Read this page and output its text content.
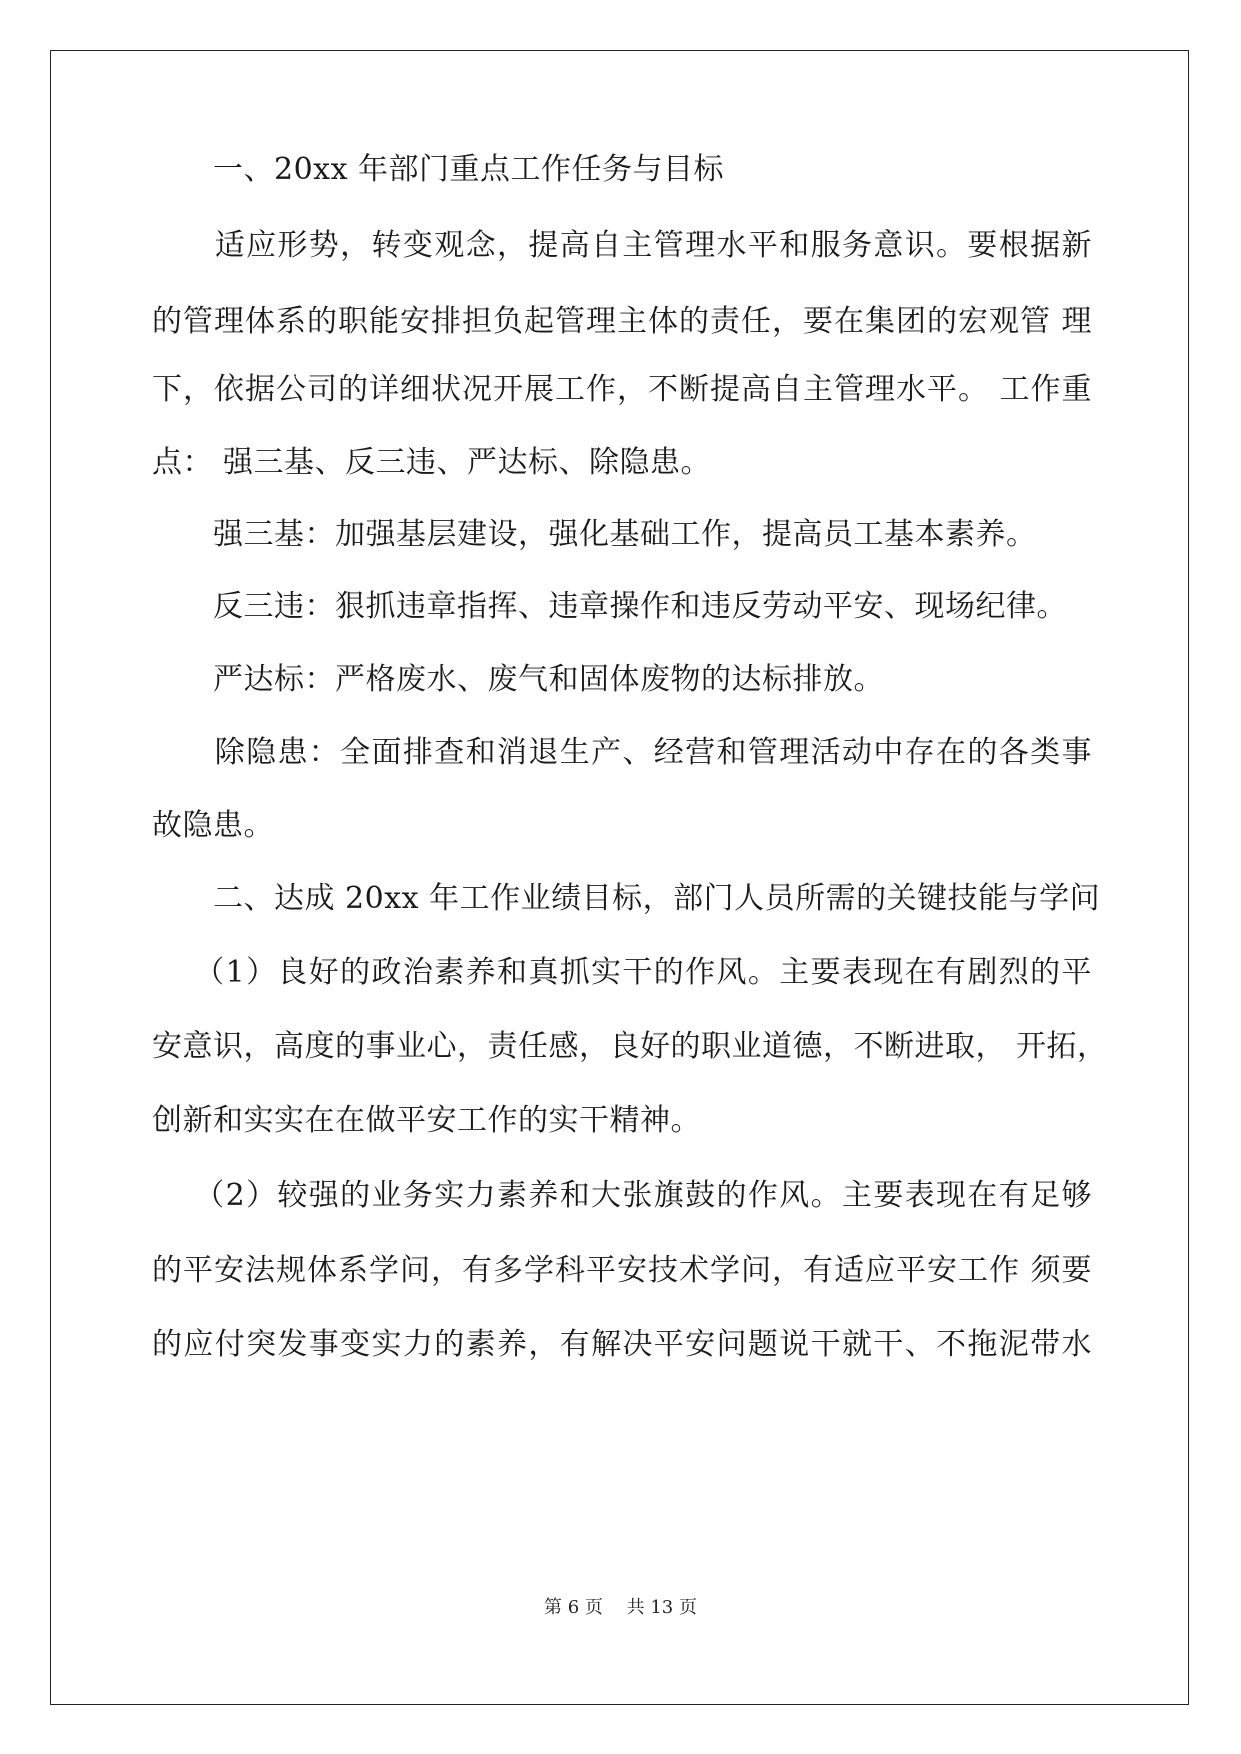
　　一、20xx 年部门重点工作任务与目标
　　适应形势，转变观念，提高自主管理水平和服务意识。要根据新
的管理体系的职能安排担负起管理主体的责任，要在集团的宏观管 理
下，依据公司的详细状况开展工作，不断提高自主管理水平。 工作重
点： 强三基、反三违、严达标、除隐患。
　　强三基：加强基层建设，强化基础工作，提高员工基本素养。
　　反三违：狠抓违章指挥、违章操作和违反劳动平安、现场纪律。
　　严达标：严格废水、废气和固体废物的达标排放。
　　除隐患：全面排查和消退生产、经营和管理活动中存在的各类事
故隐患。
　　二、达成 20xx 年工作业绩目标，部门人员所需的关键技能与学问
　 （1）良好的政治素养和真抓实干的作风。主要表现在有剧烈的平
安意识，高度的事业心，责任感，良好的职业道德，不断进取， 开拓，
创新和实实在在做平安工作的实干精神。
　 （2）较强的业务实力素养和大张旗鼓的作风。主要表现在有足够
的平安法规体系学问，有多学科平安技术学问，有适应平安工作 须要
的应付突发事变实力的素养，有解决平安问题说干就干、不拖泥带水
第 6 页　 共 13 页
